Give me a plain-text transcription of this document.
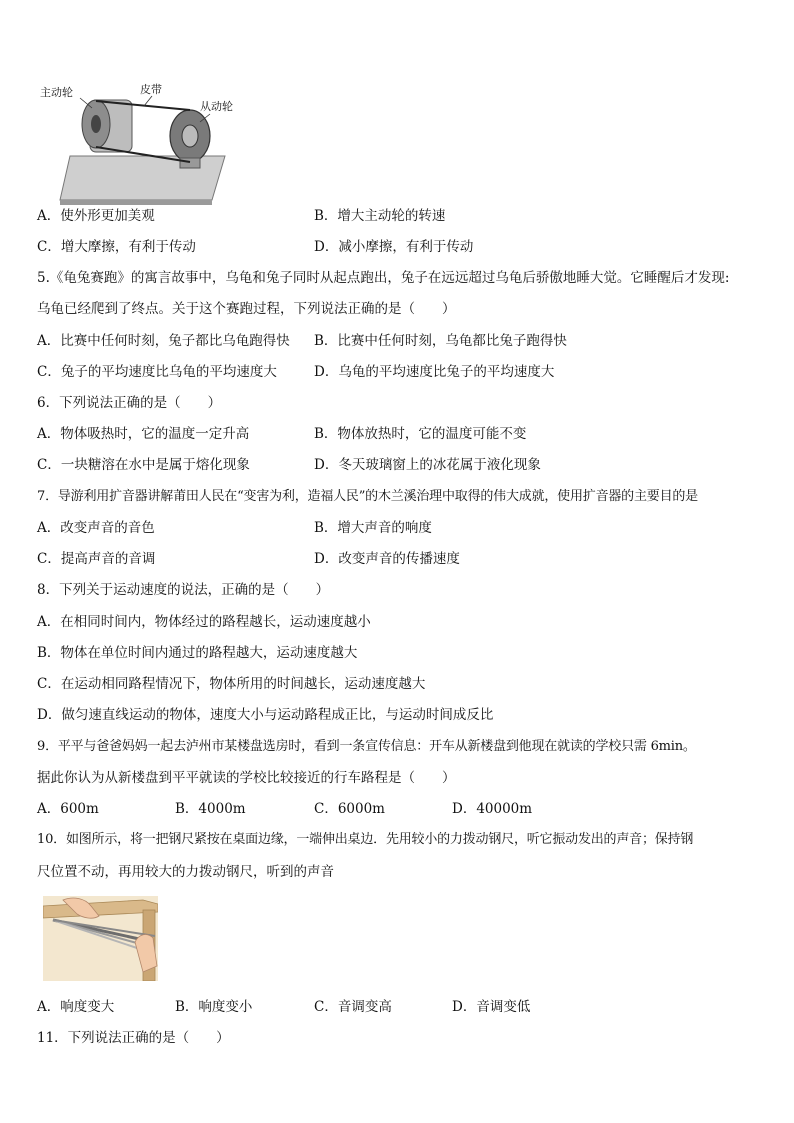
主动轮	皮带
从动轮
A．使外形更加美观	B．增大主动轮的转速
C．增大摩擦，有利于传动	D．减小摩擦，有利于传动
5.《龟兔赛跑》的寓言故事中，乌龟和兔子同时从起点跑出，兔子在远远超过乌龟后骄傲地睡大觉。它睡醒后才发现:
乌龟已经爬到了终点。关于这个赛跑过程，下列说法正确的是（　　）
A．比赛中任何时刻，兔子都比乌龟跑得快 B．比赛中任何时刻，乌龟都比兔子跑得快
C．兔子的平均速度比乌龟的平均速度大	D．乌龟的平均速度比兔子的平均速度大
6．下列说法正确的是（　　）
A．物体吸热时，它的温度一定升高	B．物体放热时，它的温度可能不变
C．一块糖溶在水中是属于熔化现象	D．冬天玻璃窗上的冰花属于液化现象
7．导游利用扩音器讲解莆田人民在“变害为利，造福人民”的木兰溪治理中取得的伟大成就，使用扩音器的主要目的是
A．改变声音的音色	B．增大声音的响度
C．提高声音的音调	D．改变声音的传播速度
8．下列关于运动速度的说法，正确的是（　　）
A．在相同时间内，物体经过的路程越长，运动速度越小
B．物体在单位时间内通过的路程越大，运动速度越大
C．在运动相同路程情况下，物体所用的时间越长，运动速度越大
D．做匀速直线运动的物体，速度大小与运动路程成正比，与运动时间成反比
9．平平与爸爸妈妈一起去泸州市某楼盘选房时，看到一条宣传信息：开车从新楼盘到他现在就读的学校只需 6min。
据此你认为从新楼盘到平平就读的学校比较接近的行车路程是（　　）
A．600m	B．4000m	C．6000m	D．40000m
10．如图所示，将一把钢尺紧按在桌面边缘，一端伸出桌边．先用较小的力拨动钢尺，听它振动发出的声音；保持钢
尺位置不动，再用较大的力拨动钢尺，听到的声音
A．响度变大	B．响度变小	C．音调变高	D．音调变低
11．下列说法正确的是（　　）
